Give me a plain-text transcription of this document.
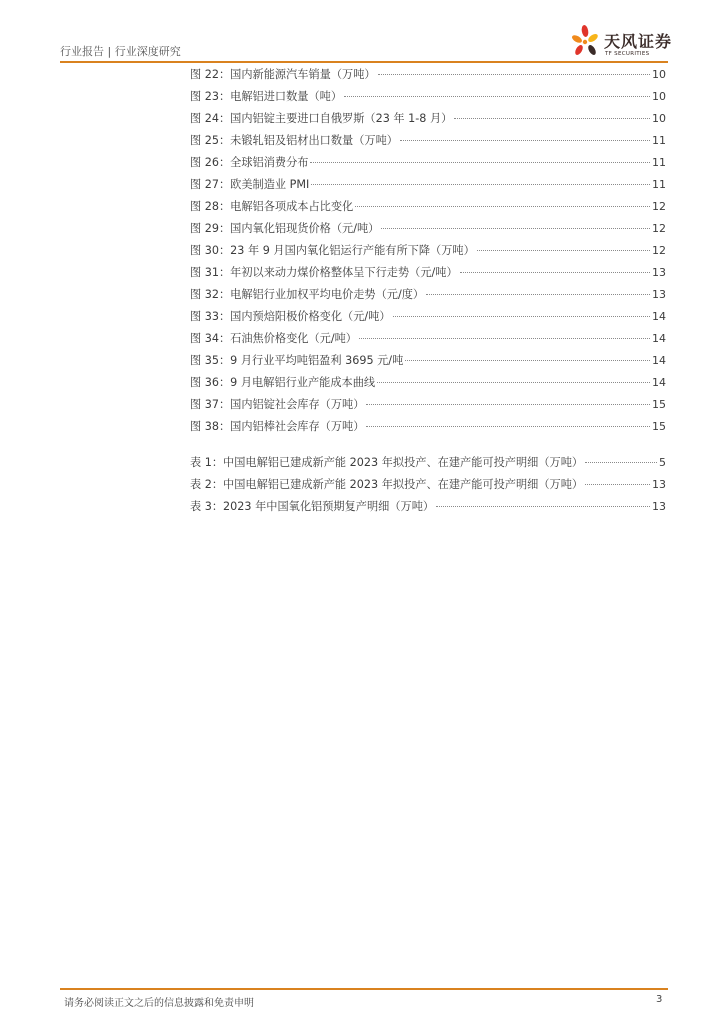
行业报告 | 行业深度研究
天风证券
TF SECURITIES
图 22：国内新能源汽车销量（万吨）	10
图 23：电解铝进口数量（吨）	10
图 24：国内铝锭主要进口自俄罗斯（23 年 1-8 月）	10
图 25：未锻轧铝及铝材出口数量（万吨）	11
图 26：全球铝消费分布	11
图 27：欧美制造业 PMI	11
图 28：电解铝各项成本占比变化	12
图 29：国内氧化铝现货价格（元/吨）	12
图 30：23 年 9 月国内氧化铝运行产能有所下降（万吨）	12
图 31：年初以来动力煤价格整体呈下行走势（元/吨）	13
图 32：电解铝行业加权平均电价走势（元/度）	13
图 33：国内预焙阳极价格变化（元/吨）	14
图 34：石油焦价格变化（元/吨）	14
图 35：9 月行业平均吨铝盈利 3695 元/吨	14
图 36：9 月电解铝行业产能成本曲线	14
图 37：国内铝锭社会库存（万吨）	15
图 38：国内铝棒社会库存（万吨）	15
表 1：中国电解铝已建成新产能 2023 年拟投产、在建产能可投产明细（万吨）	5
表 2：中国电解铝已建成新产能 2023 年拟投产、在建产能可投产明细（万吨）	13
表 3：2023 年中国氧化铝预期复产明细（万吨）	13
请务必阅读正文之后的信息披露和免责申明	3
